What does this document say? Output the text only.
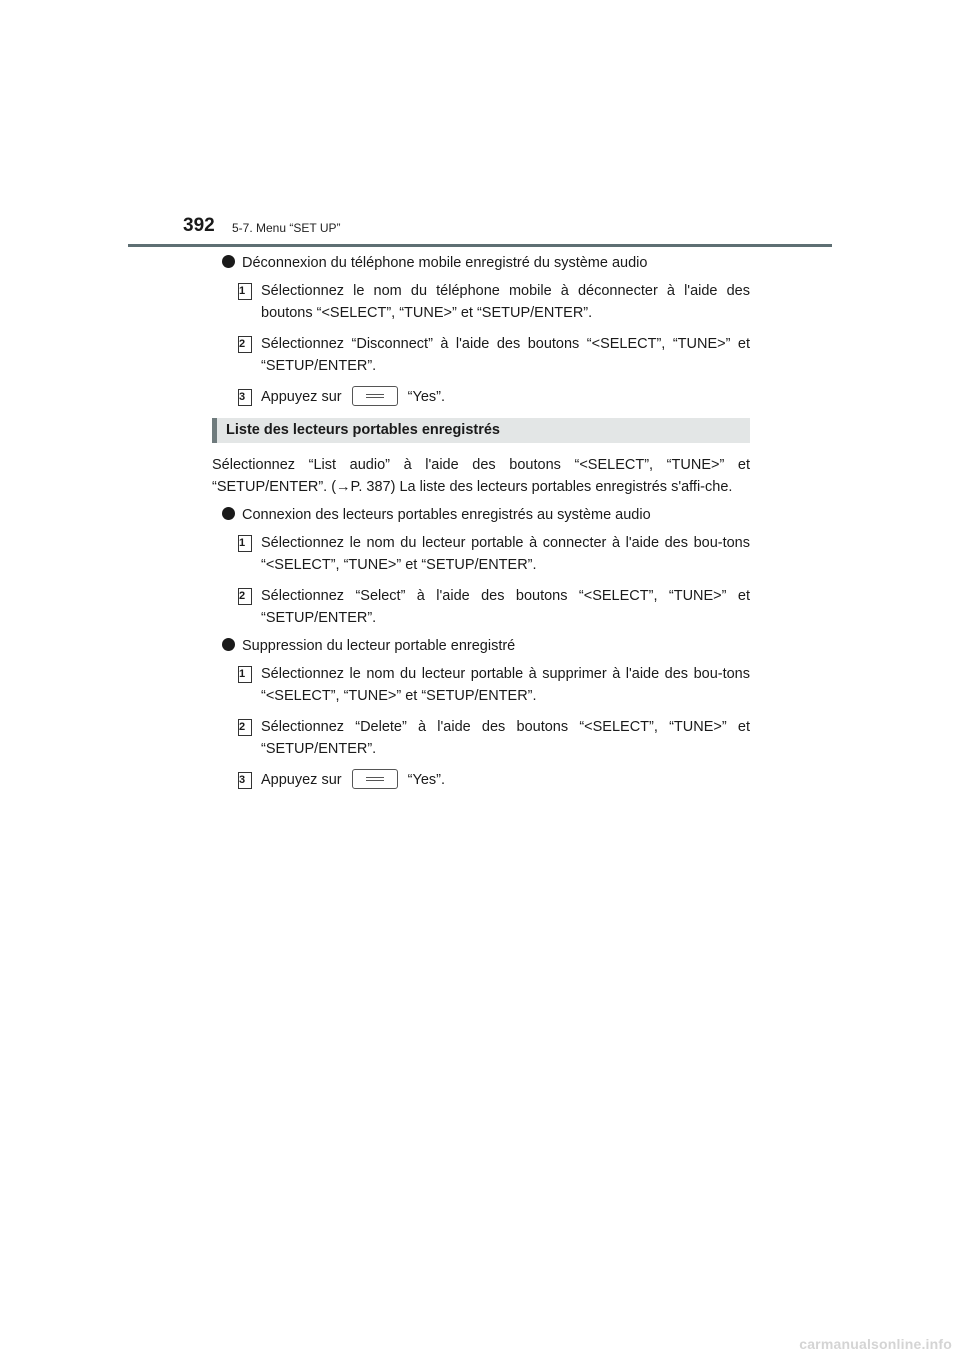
392 5-7. Menu “SET UP”
Déconnexion du téléphone mobile enregistré du système audio
1	Sélectionnez le nom du téléphone mobile à déconnecter à l'aide des boutons “<SELECT”, “TUNE>” et “SETUP/ENTER”.
2	Sélectionnez “Disconnect” à l'aide des boutons “<SELECT”, “TUNE>” et “SETUP/ENTER”.
3	Appuyez sur	“Yes”.
Liste des lecteurs portables enregistrés
Sélectionnez “List audio” à l'aide des boutons “<SELECT”, “TUNE>” et “SETUP/ENTER”. (→P. 387) La liste des lecteurs portables enregistrés s'affi-che.
Connexion des lecteurs portables enregistrés au système audio
1	Sélectionnez le nom du lecteur portable à connecter à l'aide des bou-tons “<SELECT”, “TUNE>” et “SETUP/ENTER”.
2	Sélectionnez “Select” à l'aide des boutons “<SELECT”, “TUNE>” et “SETUP/ENTER”.
Suppression du lecteur portable enregistré
1	Sélectionnez le nom du lecteur portable à supprimer à l'aide des bou-tons “<SELECT”, “TUNE>” et “SETUP/ENTER”.
2	Sélectionnez “Delete” à l'aide des boutons “<SELECT”, “TUNE>” et “SETUP/ENTER”.
3	Appuyez sur	“Yes”.
carmanualsonline.info
